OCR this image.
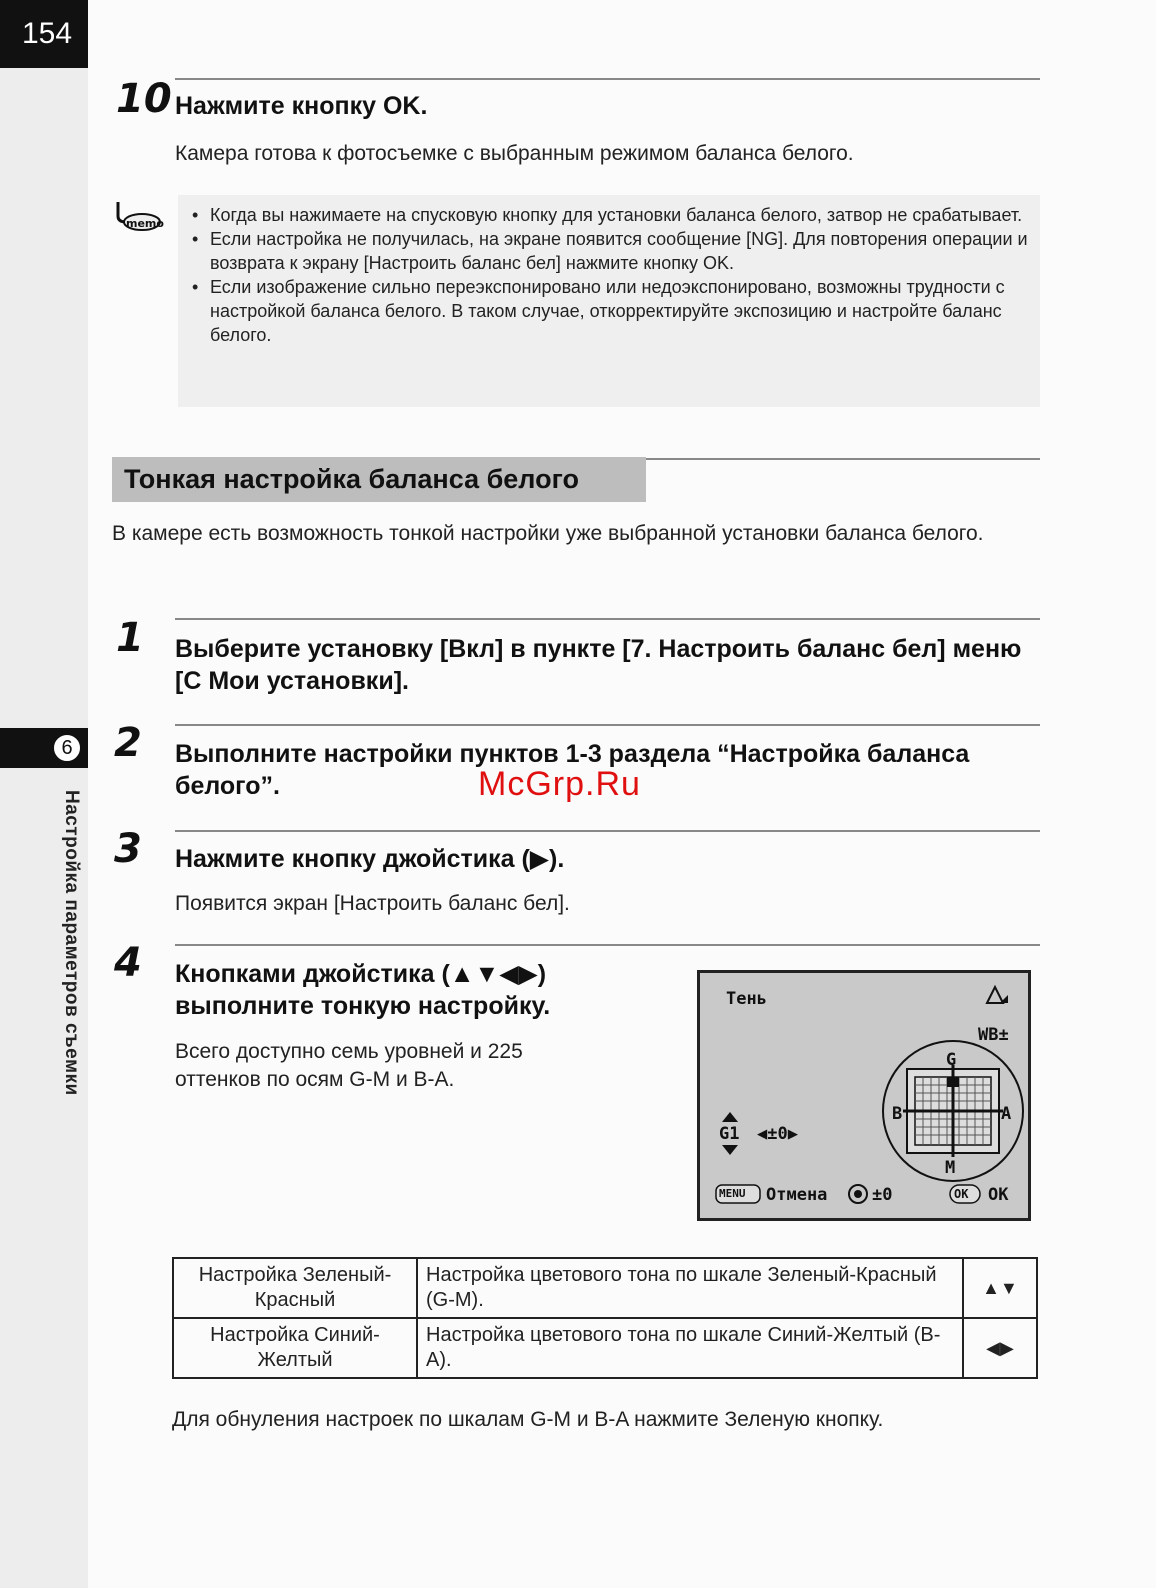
154
6
Настройка параметров съемки
10 Нажмите кнопку OK.
Камера готова к фотосъемке с выбранным режимом баланса белого.
• Когда вы нажимаете на спусковую кнопку для установки баланса белого, затвор не срабатывает.
• Если настройка не получилась, на экране появится сообщение [NG]. Для повторения операции и возврата к экрану [Настроить баланс бел] нажмите кнопку OK.
• Если изображение сильно переэкспонировано или недоэкспонировано, возможны трудности с настройкой баланса белого. В таком случае, откорректируйте экспозицию и настройте баланс белого.
memo
Тонкая настройка баланса белого
В камере есть возможность тонкой настройки уже выбранной установки баланса белого.
1 Выберите установку [Вкл] в пункте [7. Настроить баланс бел] меню [C Мои установки].
2 Выполните настройки пунктов 1-3 раздела “Настройка баланса белого”.	McGrp.Ru
3 Нажмите кнопку джойстика (▶).
Появится экран [Настроить баланс бел].
4 Кнопками джойстика (▲▼◀▶) выполните тонкую настройку.
Всего доступно семь уровней и 225 оттенков по осям G-M и B-A.
Тень
WB±
G
M
B	A
G1 ◀±0▶
MENU Отмена	±0	OK OK
Настройка Зеленый-Красный	Настройка цветового тона по шкале Зеленый-Красный (G-M).	▲▼
Настройка Синий-Желтый	Настройка цветового тона по шкале Синий-Желтый (B-A).	◀▶
Для обнуления настроек по шкалам G-M и B-A нажмите Зеленую кнопку.
